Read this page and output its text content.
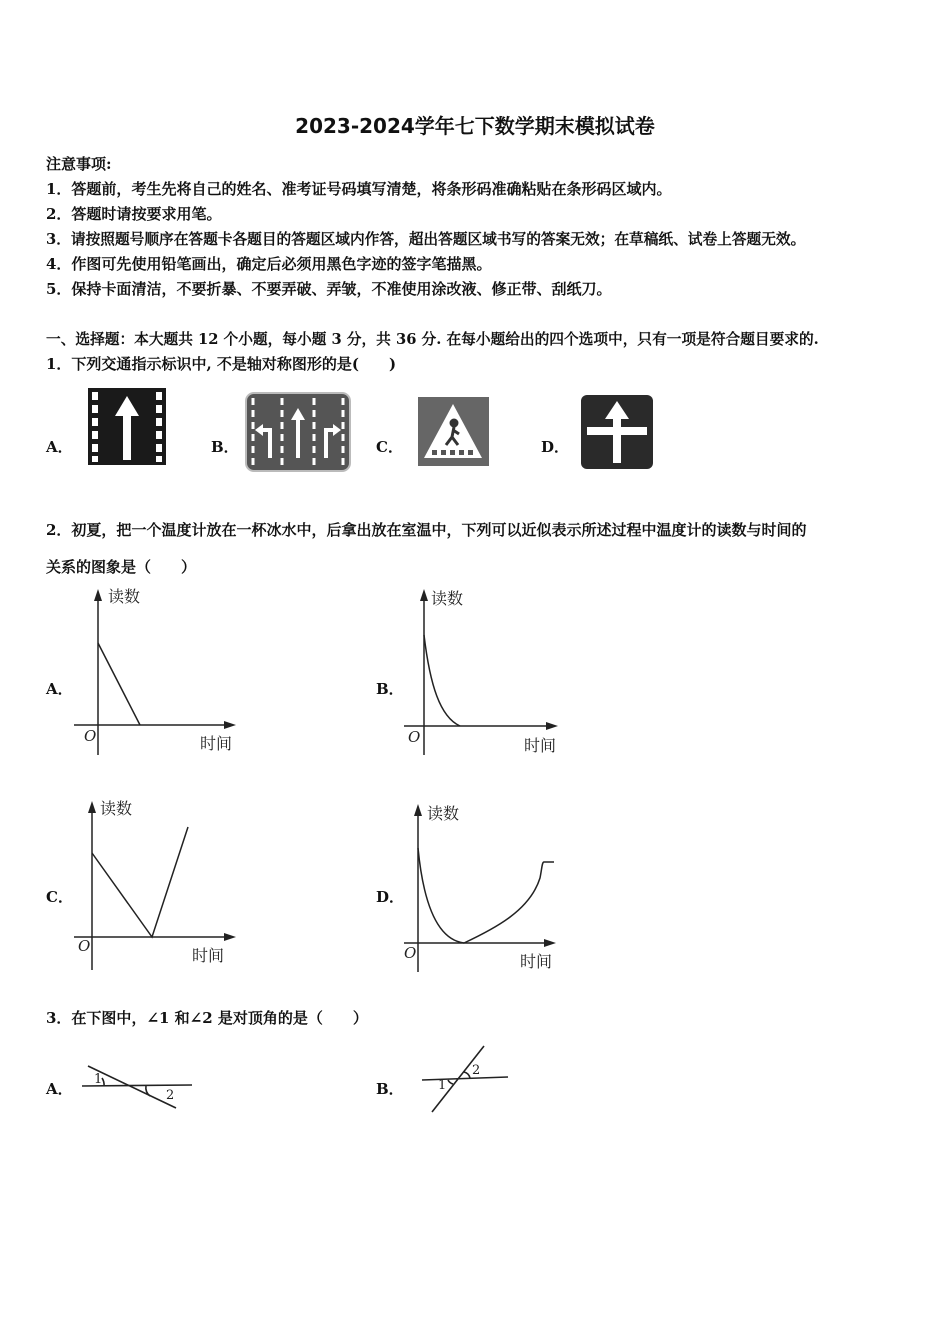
2023-2024学年七下数学期末模拟试卷
注意事项:
1．答题前，考生先将自己的姓名、准考证号码填写清楚，将条形码准确粘贴在条形码区域内。
2．答题时请按要求用笔。
3．请按照题号顺序在答题卡各题目的答题区域内作答，超出答题区域书写的答案无效；在草稿纸、试卷上答题无效。
4．作图可先使用铅笔画出，确定后必须用黑色字迹的签字笔描黑。
5．保持卡面清洁，不要折暴、不要弄破、弄皱，不准使用涂改液、修正带、刮纸刀。
一、选择题：本大题共 12 个小题，每小题 3 分，共 36 分. 在每小题给出的四个选项中，只有一项是符合题目要求的.
1．下列交通指示标识中, 不是轴对称图形的是(　　)
A．	B．	C．	D．
2．初夏，把一个温度计放在一杯冰水中，后拿出放在室温中，下列可以近似表示所述过程中温度计的读数与时间的
关系的图象是（　　）
A．
读数
时间
O
B．
读数
时间
O
C．
读数
时间
O
D．
读数
时间
O
3．在下图中，∠1 和∠2 是对顶角的是（　　）
A．
1
2	B．	1
2
